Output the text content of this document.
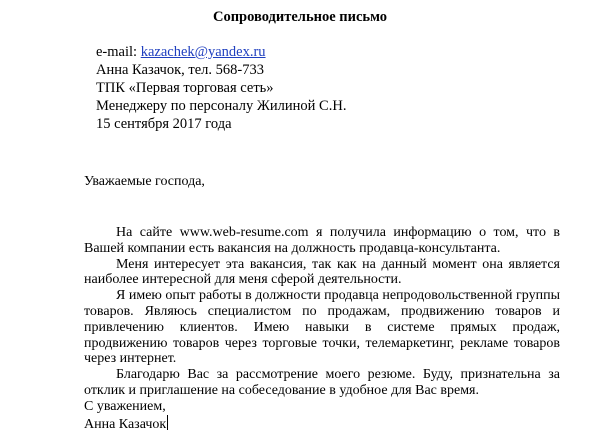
Сопроводительное письмо
e-mail: kazachek@yandex.ru
Анна Казачок, тел. 568-733
ТПК «Первая торговая сеть»
Менеджеру по персоналу Жилиной С.Н.
15 сентября 2017 года
Уважаемые господа,

На сайте www.web-resume.com я получила информацию о том, что в Вашей компании есть вакансия на должность продавца-консультанта.

Меня интересует эта вакансия, так как на данный момент она является наиболее интересной для меня сферой деятельности.

Я имею опыт работы в должности продавца непродовольственной группы товаров. Являюсь специалистом по продажам, продвижению товаров и привлечению клиентов. Имею навыки в системе прямых продаж, продвижению товаров через торговые точки, телемаркетинг, рекламе товаров через интернет.

Благодарю Вас за рассмотрение моего резюме. Буду, признательна за отклик и приглашение на собеседование в удобное для Вас время.

С уважением,

Анна Казачок
